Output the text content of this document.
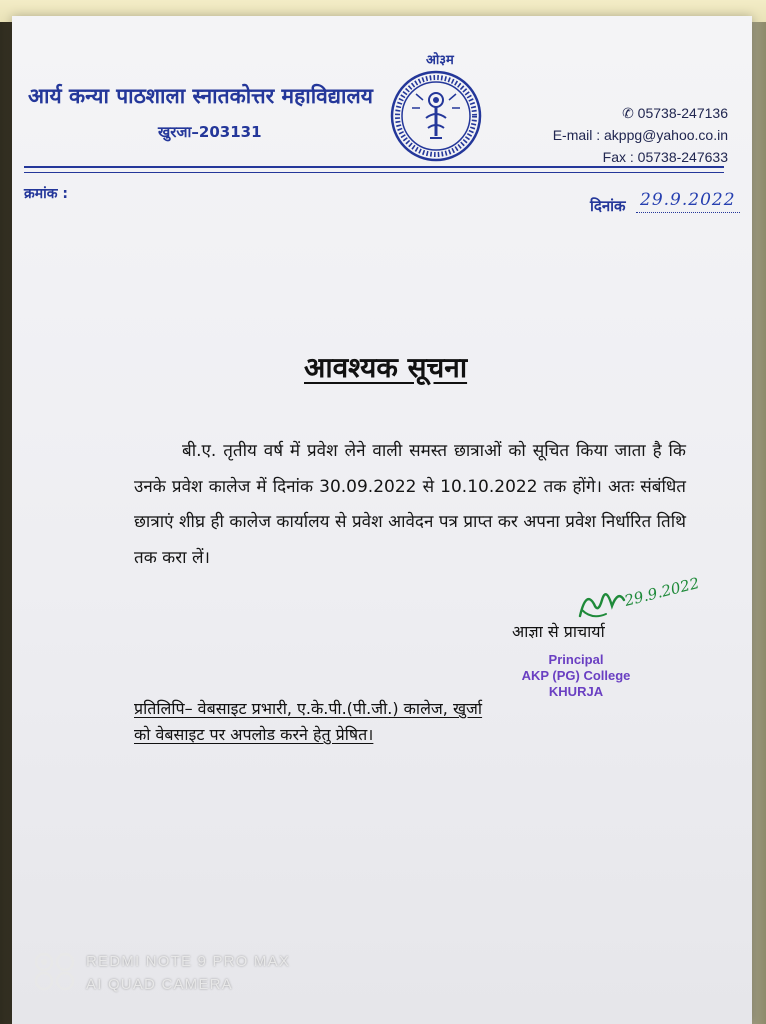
आर्य कन्या पाठशाला स्नातकोत्तर महाविद्यालय
खुरजा–203131
ओ३म
✆ 05738-247136
E-mail : akppg@yahoo.co.in
Fax : 05738-247633
क्रमांक :
दिनांक 29.9.2022
आवश्यक सूचना
बी.ए. तृतीय वर्ष में प्रवेश लेने वाली समस्त छात्राओं को सूचित किया जाता है कि उनके प्रवेश कालेज में दिनांक 30.09.2022 से 10.10.2022 तक होंगे। अतः संबंधित छात्राएं शीघ्र ही कालेज कार्यालय से प्रवेश आवेदन पत्र प्राप्त कर अपना प्रवेश निर्धारित तिथि तक करा लें।
29.9.2022
आज्ञा से प्राचार्या
Principal
AKP (PG) College
KHURJA
प्रतिलिपि– वेबसाइट प्रभारी, ए.के.पी.(पी.जी.) कालेज, खुर्जा
को वेबसाइट पर अपलोड करने हेतु प्रेषित।
REDMI NOTE 9 PRO MAX
AI QUAD CAMERA
